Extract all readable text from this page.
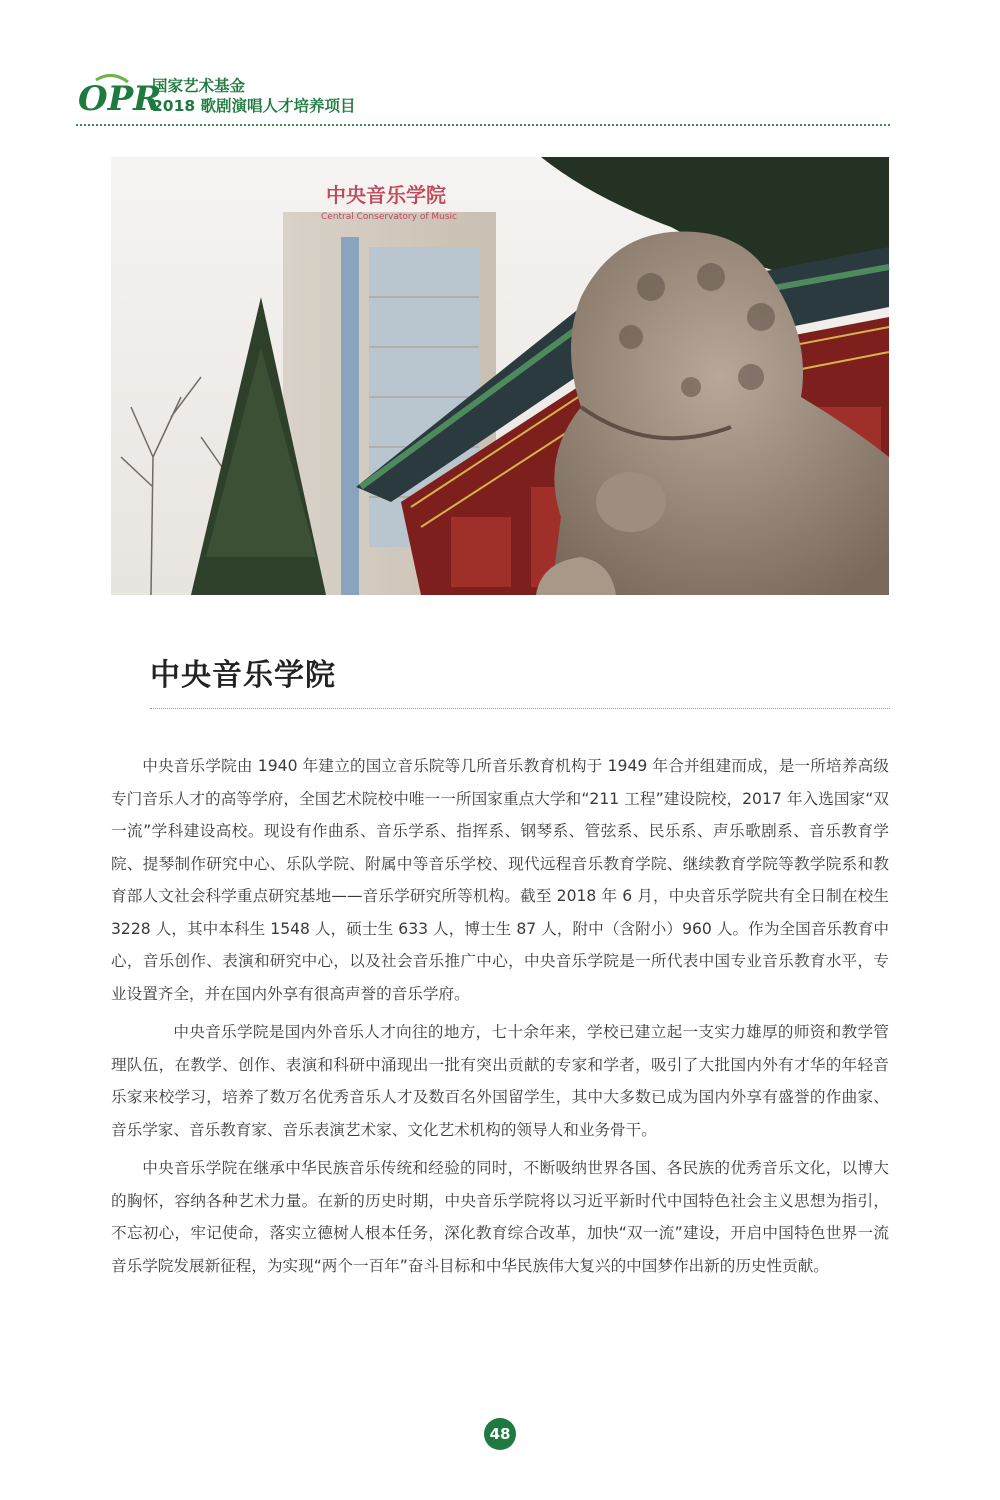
OPR
国家艺术基金
2018 歌剧演唱人才培养项目
中央音乐学院
Central Conservatory of Music
中央音乐学院

中央音乐学院由 1940 年建立的国立音乐院等几所音乐教育机构于 1949 年合并组建而成，是一所培养高级专门音乐人才的高等学府，全国艺术院校中唯一一所国家重点大学和“211 工程”建设院校，2017 年入选国家“双一流”学科建设高校。现设有作曲系、音乐学系、指挥系、钢琴系、管弦系、民乐系、声乐歌剧系、音乐教育学院、提琴制作研究中心、乐队学院、附属中等音乐学校、现代远程音乐教育学院、继续教育学院等教学院系和教育部人文社会科学重点研究基地——音乐学研究所等机构。截至 2018 年 6 月，中央音乐学院共有全日制在校生 3228 人，其中本科生 1548 人，硕士生 633 人，博士生 87 人，附中（含附小）960 人。作为全国音乐教育中心，音乐创作、表演和研究中心，以及社会音乐推广中心，中央音乐学院是一所代表中国专业音乐教育水平，专业设置齐全，并在国内外享有很高声誉的音乐学府。

中央音乐学院是国内外音乐人才向往的地方，七十余年来，学校已建立起一支实力雄厚的师资和教学管理队伍，在教学、创作、表演和科研中涌现出一批有突出贡献的专家和学者，吸引了大批国内外有才华的年轻音乐家来校学习，培养了数万名优秀音乐人才及数百名外国留学生，其中大多数已成为国内外享有盛誉的作曲家、音乐学家、音乐教育家、音乐表演艺术家、文化艺术机构的领导人和业务骨干。

中央音乐学院在继承中华民族音乐传统和经验的同时，不断吸纳世界各国、各民族的优秀音乐文化，以博大的胸怀，容纳各种艺术力量。在新的历史时期，中央音乐学院将以习近平新时代中国特色社会主义思想为指引，不忘初心，牢记使命，落实立德树人根本任务，深化教育综合改革，加快“双一流”建设，开启中国特色世界一流音乐学院发展新征程，为实现“两个一百年”奋斗目标和中华民族伟大复兴的中国梦作出新的历史性贡献。

48
